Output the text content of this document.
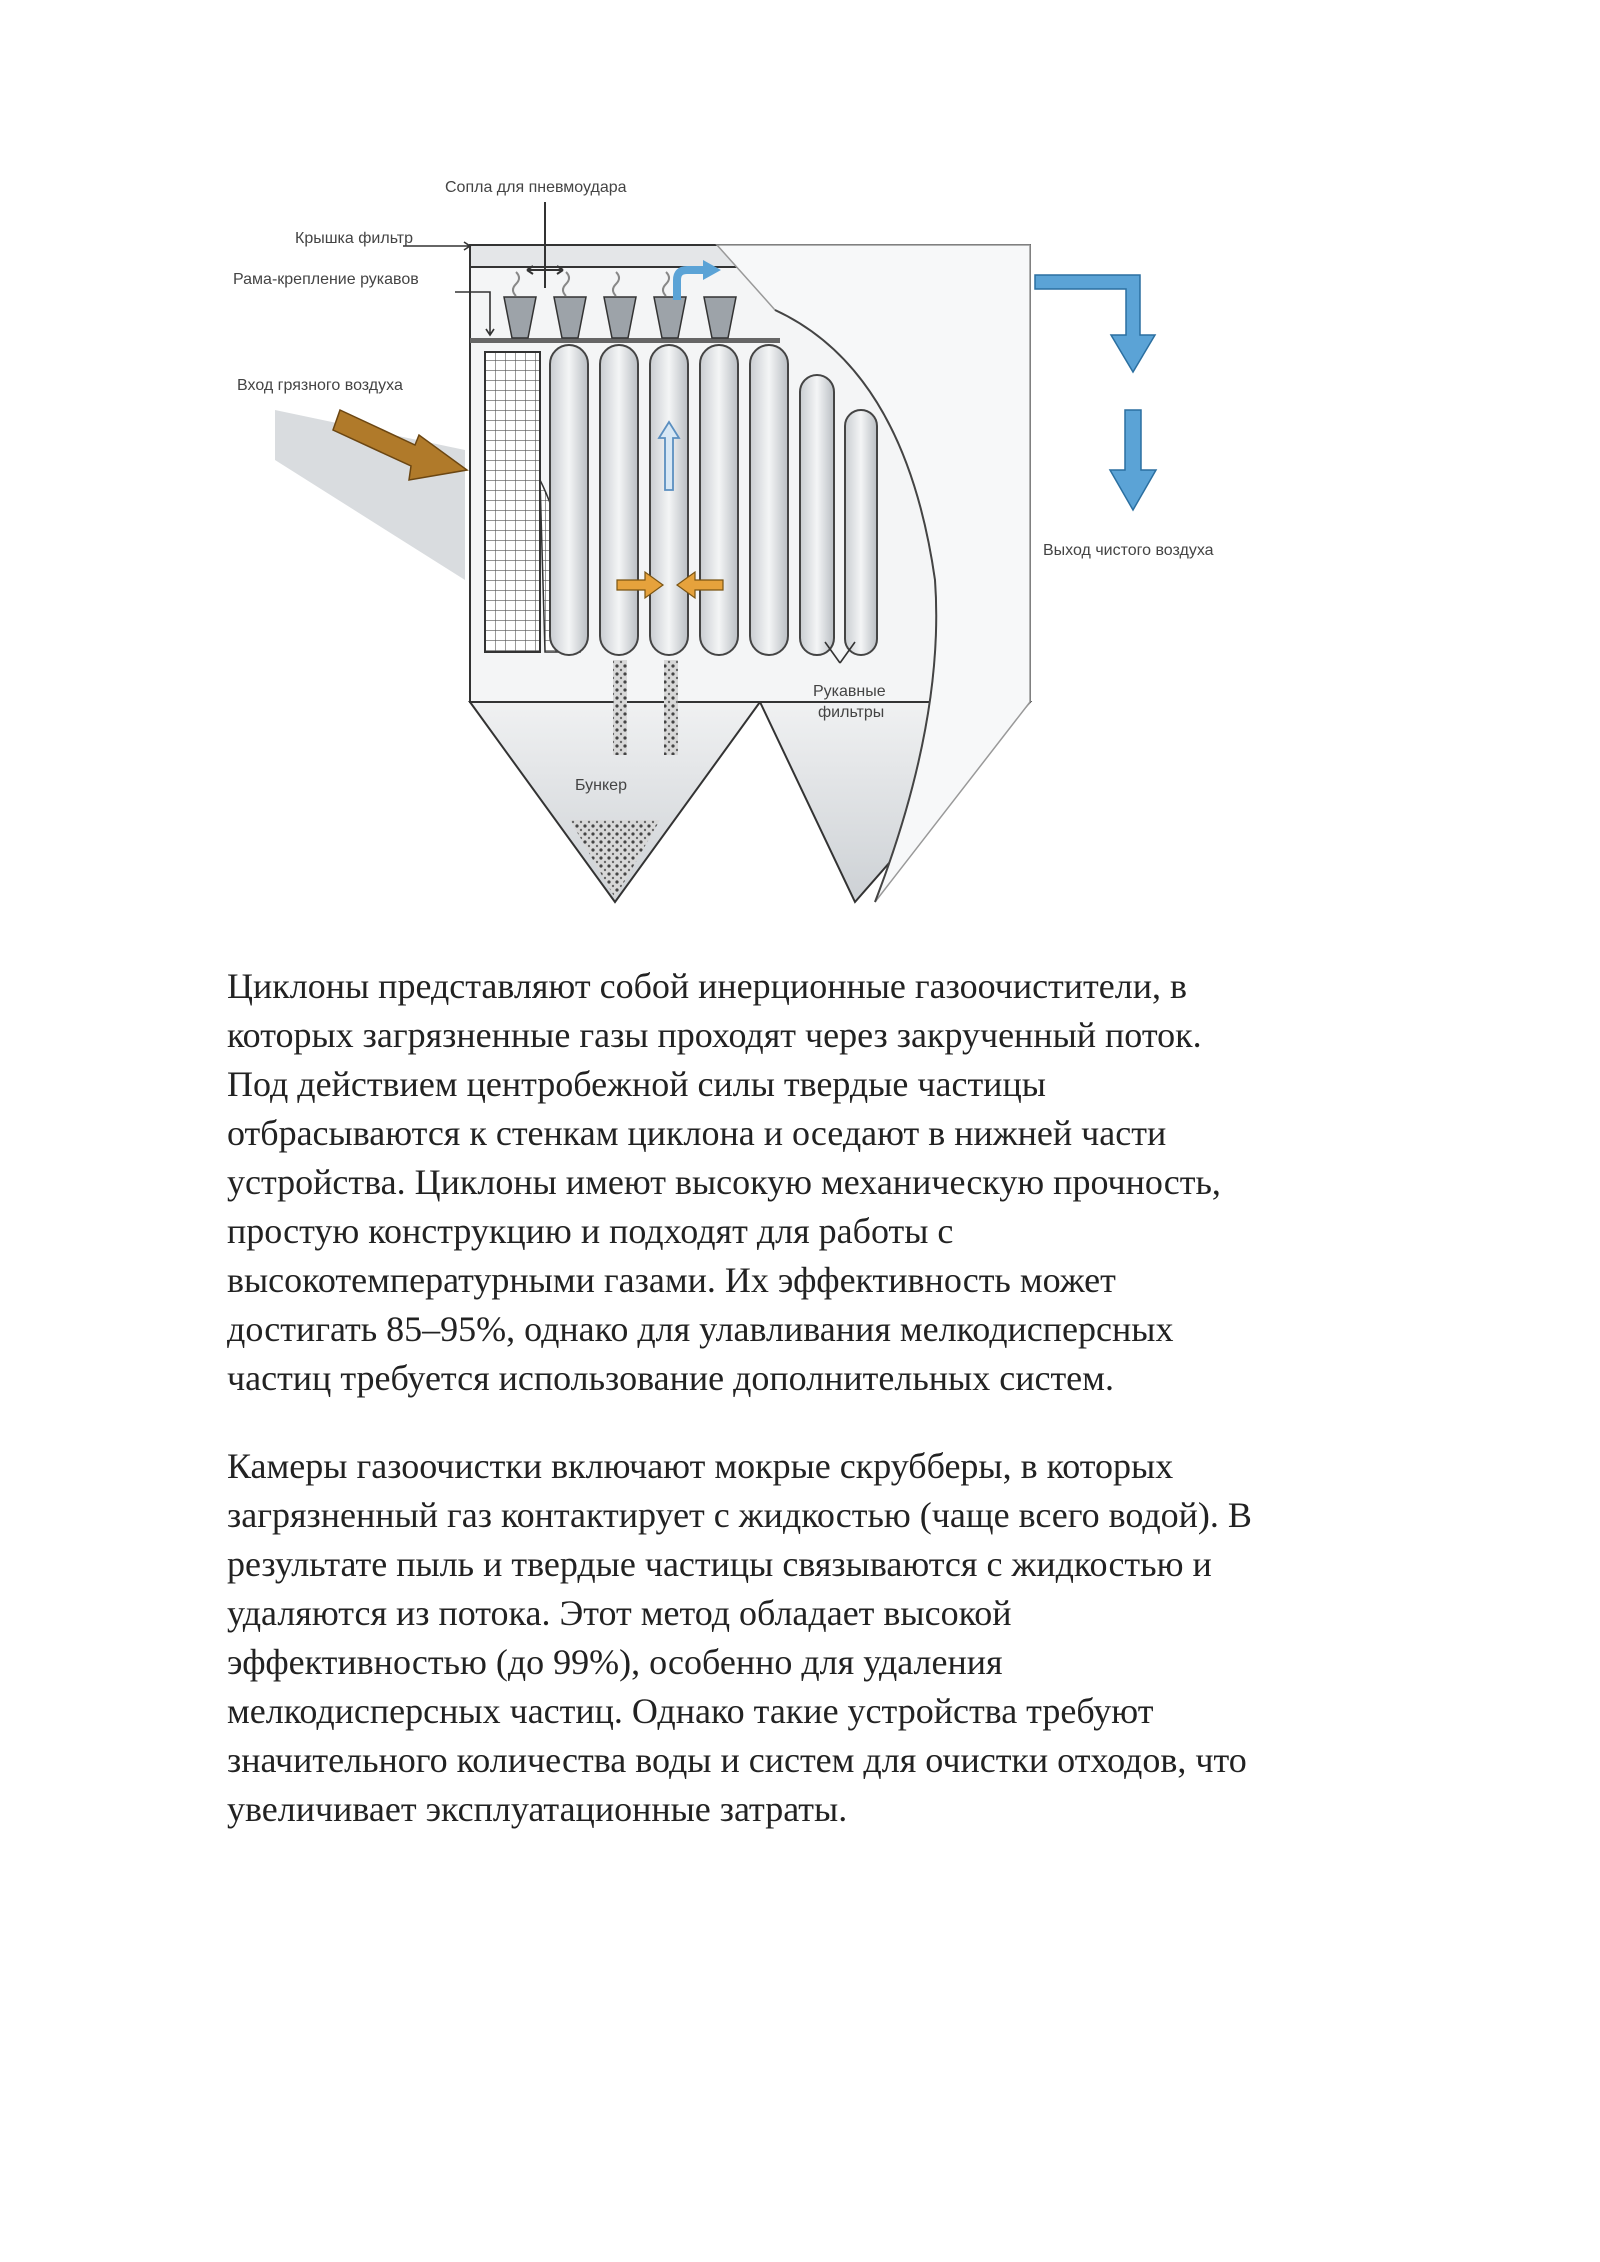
Сопла для пневмоудара
Крышка фильтр
Рама-крепление рукавов
Вход грязного воздуха
Выход чистого воздуха
Рукавные
фильтры
Бункер

Циклоны представляют собой инерционные газоочистители, в
которых загрязненные газы проходят через закрученный поток.
Под действием центробежной силы твердые частицы
отбрасываются к стенкам циклона и оседают в нижней части
устройства. Циклоны имеют высокую механическую прочность,
простую конструкцию и подходят для работы с
высокотемпературными газами. Их эффективность может
достигать 85–95%, однако для улавливания мелкодисперсных
частиц требуется использование дополнительных систем.

Камеры газоочистки включают мокрые скрубберы, в которых
загрязненный газ контактирует с жидкостью (чаще всего водой). В
результате пыль и твердые частицы связываются с жидкостью и
удаляются из потока. Этот метод обладает высокой
эффективностью (до 99%), особенно для удаления
мелкодисперсных частиц. Однако такие устройства требуют
значительного количества воды и систем для очистки отходов, что
увеличивает эксплуатационные затраты.
